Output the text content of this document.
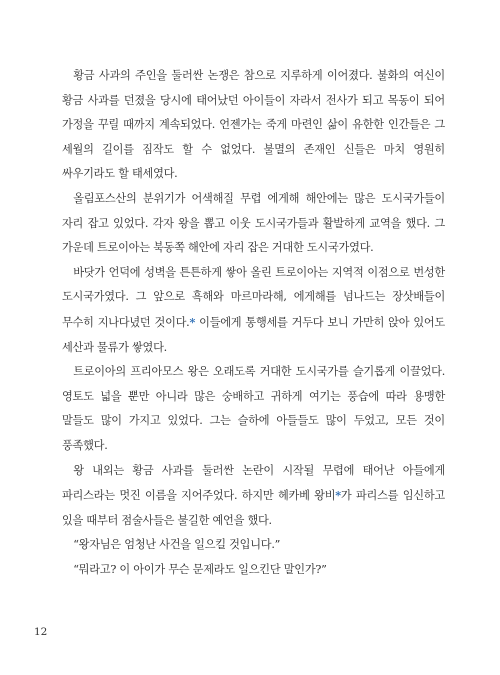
황금 사과의 주인을 둘러싼 논쟁은 참으로 지루하게 이어졌다. 불화의 여신이 황금 사과를 던졌을 당시에 태어났던 아이들이 자라서 전사가 되고 목동이 되어 가정을 꾸릴 때까지 계속되었다. 언젠가는 죽게 마련인 삶이 유한한 인간들은 그 세월의 길이를 짐작도 할 수 없었다. 불멸의 존재인 신들은 마치 영원히 싸우기라도 할 태세였다.

올림포스산의 분위기가 어색해질 무렵 에게해 해안에는 많은 도시국가들이 자리 잡고 있었다. 각자 왕을 뽑고 이웃 도시국가들과 활발하게 교역을 했다. 그 가운데 트로이아는 북동쪽 해안에 자리 잡은 거대한 도시국가였다.

바닷가 언덕에 성벽을 튼튼하게 쌓아 올린 트로이아는 지역적 이점으로 번성한 도시국가였다. 그 앞으로 흑해와 마르마라해, 에게해를 넘나드는 장삿배들이 무수히 지나다녔던 것이다.* 이들에게 통행세를 거두다 보니 가만히 앉아 있어도 세산과 물류가 쌓였다.

트로이아의 프리아모스 왕은 오래도록 거대한 도시국가를 슬기롭게 이끌었다. 영토도 넓을 뿐만 아니라 많은 숭배하고 귀하게 여기는 풍습에 따라 용맹한 말들도 많이 가지고 있었다. 그는 슬하에 아들들도 많이 두었고, 모든 것이 풍족했다.

왕 내외는 황금 사과를 둘러싼 논란이 시작될 무렵에 태어난 아들에게 파리스라는 멋진 이름을 지어주었다. 하지만 헤카베 왕비*가 파리스를 임신하고 있을 때부터 점술사들은 불길한 예언을 했다.

“왕자님은 엄청난 사건을 일으킬 것입니다.”

“뭐라고? 이 아이가 무슨 문제라도 일으킨단 말인가?”

12
